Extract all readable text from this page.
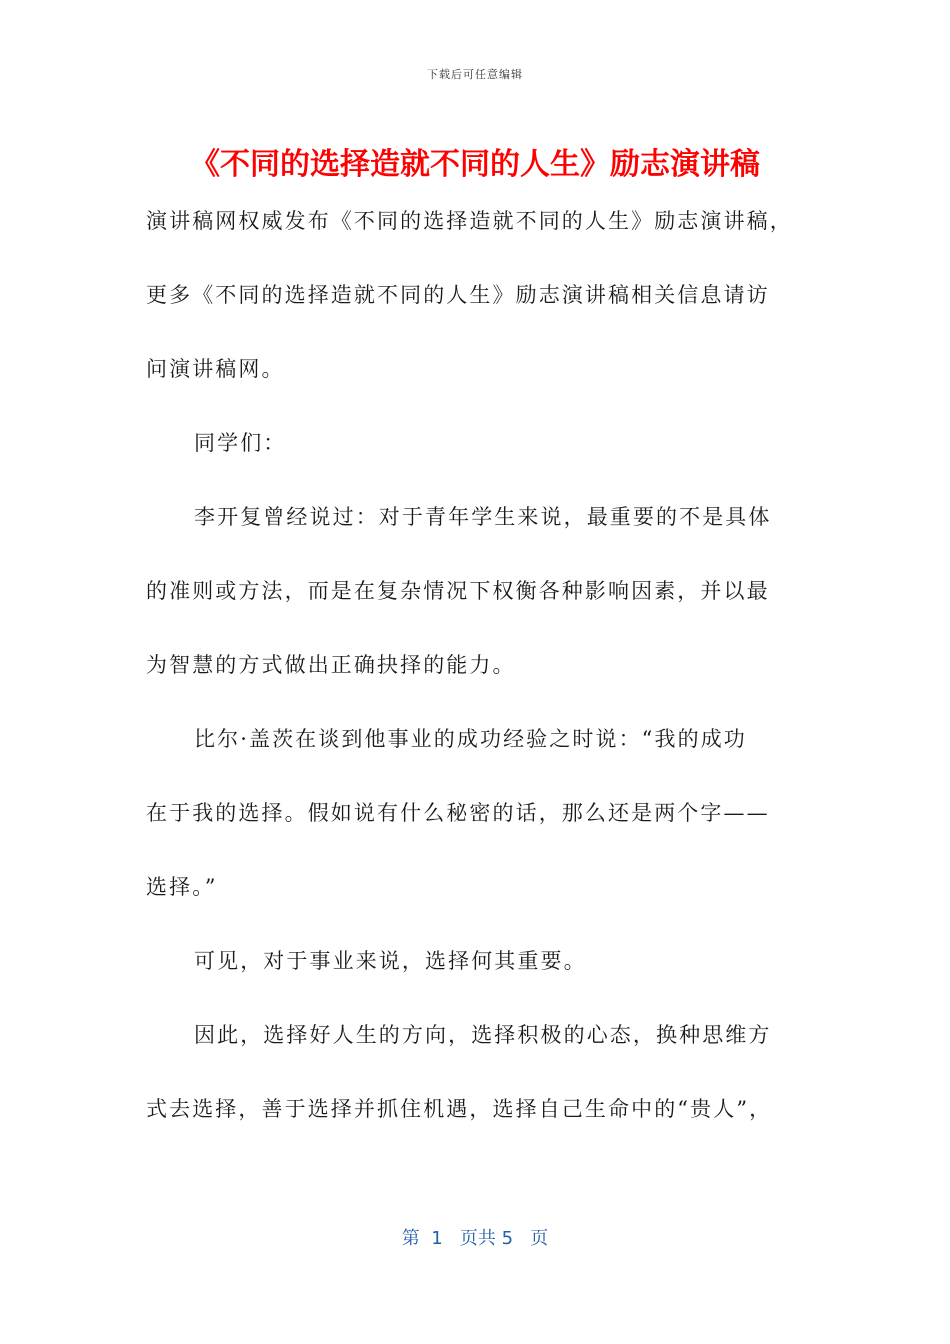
下载后可任意编辑
《不同的选择造就不同的人生》励志演讲稿
演讲稿网权威发布《不同的选择造就不同的人生》励志演讲稿，
更多《不同的选择造就不同的人生》励志演讲稿相关信息请访
问演讲稿网。
同学们：
李开复曾经说过：对于青年学生来说，最重要的不是具体
的准则或方法，而是在复杂情况下权衡各种影响因素，并以最
为智慧的方式做出正确抉择的能力。
比尔·盖茨在谈到他事业的成功经验之时说：“我的成功
在于我的选择。假如说有什么秘密的话，那么还是两个字——
选择。”
可见，对于事业来说，选择何其重要。
因此，选择好人生的方向，选择积极的心态，换种思维方
式去选择，善于选择并抓住机遇，选择自己生命中的“贵人”，
第  1   页共 5   页
